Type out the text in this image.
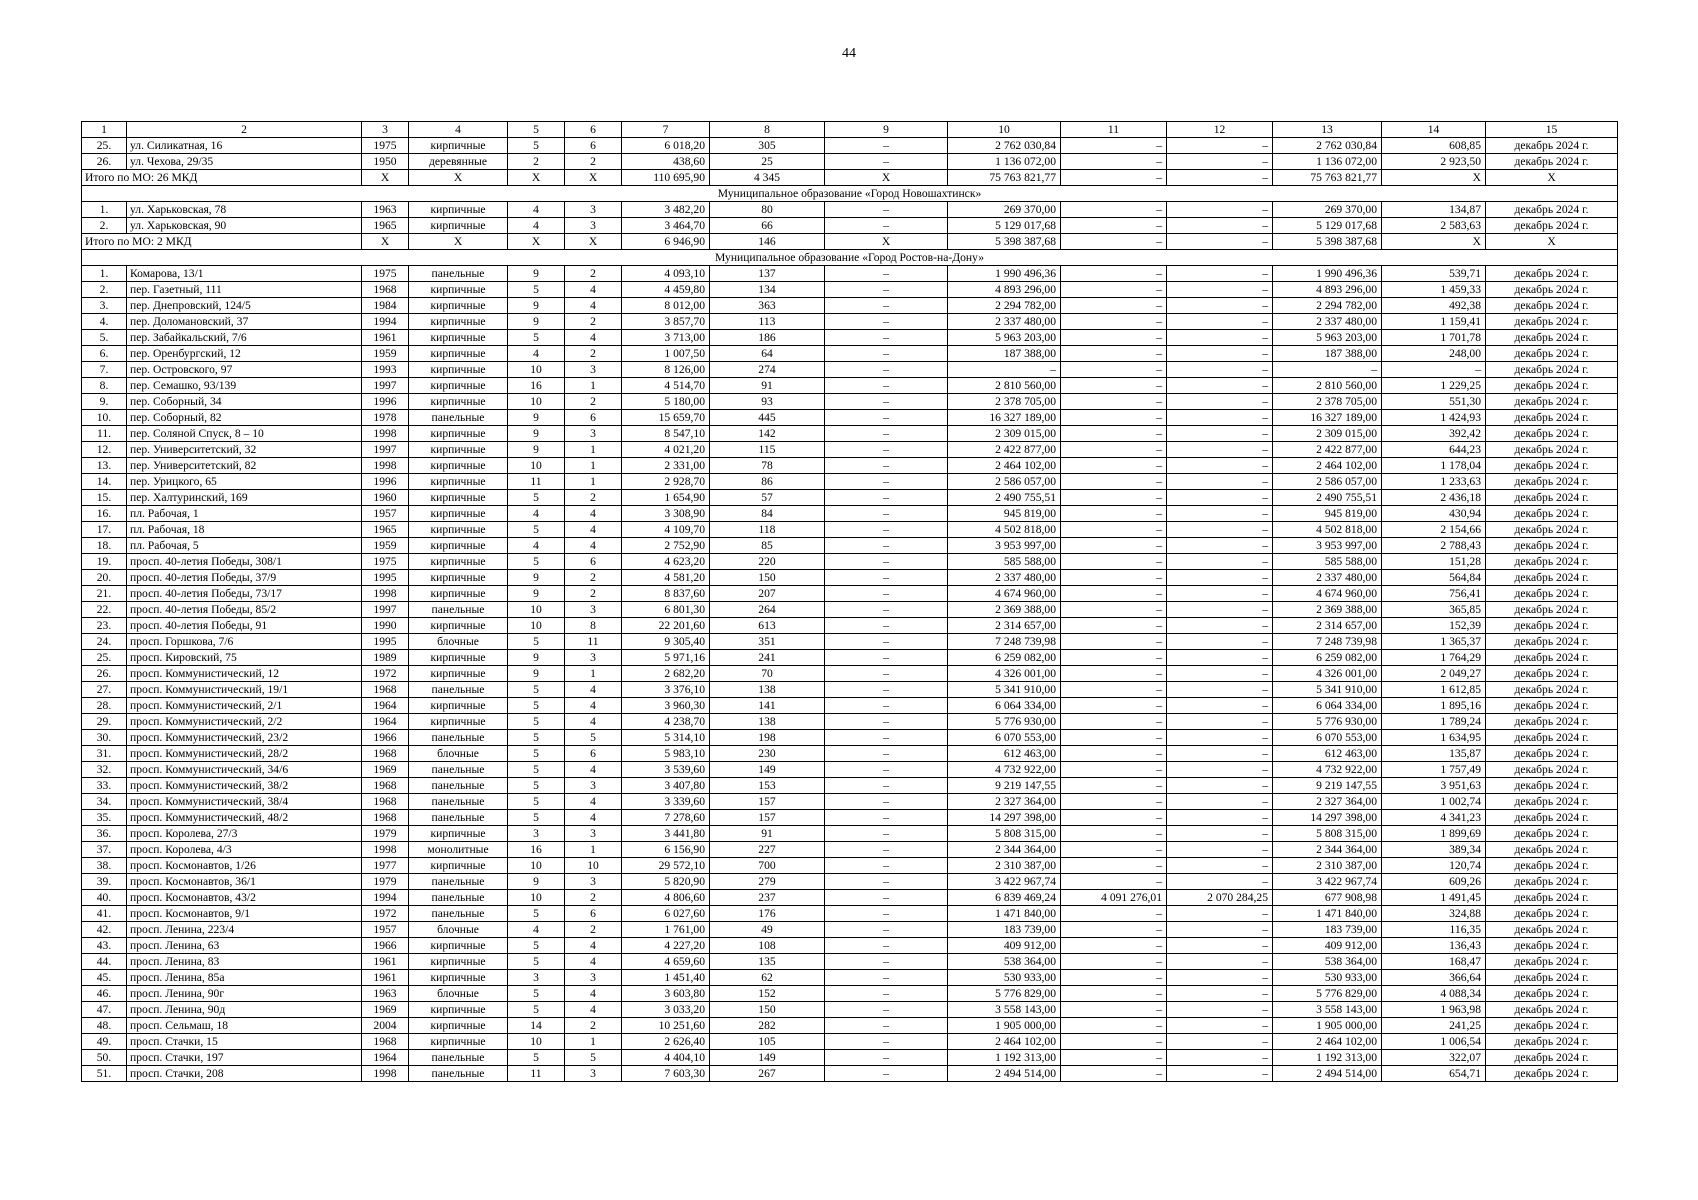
44
1	2	3	4	5	6	7	8	9	10	11	12	13	14	15
25.	ул. Силикатная, 16	1975	кирпичные	5	6	6 018,20	305	–	2 762 030,84	–	–	2 762 030,84	608,85	декабрь 2024 г.
26.	ул. Чехова, 29/35	1950	деревянные	2	2	438,60	25	–	1 136 072,00	–	–	1 136 072,00	2 923,50	декабрь 2024 г.
Итого по МО: 26 МКД		X	X	X	X	110 695,90	4 345	X	75 763 821,77	–	–	75 763 821,77	X	X
Муниципальное образование «Город Новошахтинск»														
1.	ул. Харьковская, 78	1963	кирпичные	4	3	3 482,20	80	–	269 370,00	–	–	269 370,00	134,87	декабрь 2024 г.
2.	ул. Харьковская, 90	1965	кирпичные	4	3	3 464,70	66	–	5 129 017,68	–	–	5 129 017,68	2 583,63	декабрь 2024 г.
Итого по МО: 2 МКД		X	X	X	X	6 946,90	146	X	5 398 387,68	–	–	5 398 387,68	X	X
Муниципальное образование «Город Ростов-на-Дону»														
1.	Комарова, 13/1	1975	панельные	9	2	4 093,10	137	–	1 990 496,36	–	–	1 990 496,36	539,71	декабрь 2024 г.
2.	пер. Газетный, 111	1968	кирпичные	5	4	4 459,80	134	–	4 893 296,00	–	–	4 893 296,00	1 459,33	декабрь 2024 г.
3.	пер. Днепровский, 124/5	1984	кирпичные	9	4	8 012,00	363	–	2 294 782,00	–	–	2 294 782,00	492,38	декабрь 2024 г.
4.	пер. Доломановский, 37	1994	кирпичные	9	2	3 857,70	113	–	2 337 480,00	–	–	2 337 480,00	1 159,41	декабрь 2024 г.
5.	пер. Забайкальский, 7/6	1961	кирпичные	5	4	3 713,00	186	–	5 963 203,00	–	–	5 963 203,00	1 701,78	декабрь 2024 г.
6.	пер. Оренбургский, 12	1959	кирпичные	4	2	1 007,50	64	–	187 388,00	–	–	187 388,00	248,00	декабрь 2024 г.
7.	пер. Островского, 97	1993	кирпичные	10	3	8 126,00	274	–	–	–	–	–	–	декабрь 2024 г.
8.	пер. Семашко, 93/139	1997	кирпичные	16	1	4 514,70	91	–	2 810 560,00	–	–	2 810 560,00	1 229,25	декабрь 2024 г.
9.	пер. Соборный, 34	1996	кирпичные	10	2	5 180,00	93	–	2 378 705,00	–	–	2 378 705,00	551,30	декабрь 2024 г.
10.	пер. Соборный, 82	1978	панельные	9	6	15 659,70	445	–	16 327 189,00	–	–	16 327 189,00	1 424,93	декабрь 2024 г.
11.	пер. Соляной Спуск, 8 – 10	1998	кирпичные	9	3	8 547,10	142	–	2 309 015,00	–	–	2 309 015,00	392,42	декабрь 2024 г.
12.	пер. Университетский, 32	1997	кирпичные	9	1	4 021,20	115	–	2 422 877,00	–	–	2 422 877,00	644,23	декабрь 2024 г.
13.	пер. Университетский, 82	1998	кирпичные	10	1	2 331,00	78	–	2 464 102,00	–	–	2 464 102,00	1 178,04	декабрь 2024 г.
14.	пер. Урицкого, 65	1996	кирпичные	11	1	2 928,70	86	–	2 586 057,00	–	–	2 586 057,00	1 233,63	декабрь 2024 г.
15.	пер. Халтуринский, 169	1960	кирпичные	5	2	1 654,90	57	–	2 490 755,51	–	–	2 490 755,51	2 436,18	декабрь 2024 г.
16.	пл. Рабочая, 1	1957	кирпичные	4	4	3 308,90	84	–	945 819,00	–	–	945 819,00	430,94	декабрь 2024 г.
17.	пл. Рабочая, 18	1965	кирпичные	5	4	4 109,70	118	–	4 502 818,00	–	–	4 502 818,00	2 154,66	декабрь 2024 г.
18.	пл. Рабочая, 5	1959	кирпичные	4	4	2 752,90	85	–	3 953 997,00	–	–	3 953 997,00	2 788,43	декабрь 2024 г.
19.	просп. 40-летия Победы, 308/1	1975	кирпичные	5	6	4 623,20	220	–	585 588,00	–	–	585 588,00	151,28	декабрь 2024 г.
20.	просп. 40-летия Победы, 37/9	1995	кирпичные	9	2	4 581,20	150	–	2 337 480,00	–	–	2 337 480,00	564,84	декабрь 2024 г.
21.	просп. 40-летия Победы, 73/17	1998	кирпичные	9	2	8 837,60	207	–	4 674 960,00	–	–	4 674 960,00	756,41	декабрь 2024 г.
22.	просп. 40-летия Победы, 85/2	1997	панельные	10	3	6 801,30	264	–	2 369 388,00	–	–	2 369 388,00	365,85	декабрь 2024 г.
23.	просп. 40-летия Победы, 91	1990	кирпичные	10	8	22 201,60	613	–	2 314 657,00	–	–	2 314 657,00	152,39	декабрь 2024 г.
24.	просп. Горшкова, 7/6	1995	блочные	5	11	9 305,40	351	–	7 248 739,98	–	–	7 248 739,98	1 365,37	декабрь 2024 г.
25.	просп. Кировский, 75	1989	кирпичные	9	3	5 971,16	241	–	6 259 082,00	–	–	6 259 082,00	1 764,29	декабрь 2024 г.
26.	просп. Коммунистический, 12	1972	кирпичные	9	1	2 682,20	70	–	4 326 001,00	–	–	4 326 001,00	2 049,27	декабрь 2024 г.
27.	просп. Коммунистический, 19/1	1968	панельные	5	4	3 376,10	138	–	5 341 910,00	–	–	5 341 910,00	1 612,85	декабрь 2024 г.
28.	просп. Коммунистический, 2/1	1964	кирпичные	5	4	3 960,30	141	–	6 064 334,00	–	–	6 064 334,00	1 895,16	декабрь 2024 г.
29.	просп. Коммунистический, 2/2	1964	кирпичные	5	4	4 238,70	138	–	5 776 930,00	–	–	5 776 930,00	1 789,24	декабрь 2024 г.
30.	просп. Коммунистический, 23/2	1966	панельные	5	5	5 314,10	198	–	6 070 553,00	–	–	6 070 553,00	1 634,95	декабрь 2024 г.
31.	просп. Коммунистический, 28/2	1968	блочные	5	6	5 983,10	230	–	612 463,00	–	–	612 463,00	135,87	декабрь 2024 г.
32.	просп. Коммунистический, 34/6	1969	панельные	5	4	3 539,60	149	–	4 732 922,00	–	–	4 732 922,00	1 757,49	декабрь 2024 г.
33.	просп. Коммунистический, 38/2	1968	панельные	5	3	3 407,80	153	–	9 219 147,55	–	–	9 219 147,55	3 951,63	декабрь 2024 г.
34.	просп. Коммунистический, 38/4	1968	панельные	5	4	3 339,60	157	–	2 327 364,00	–	–	2 327 364,00	1 002,74	декабрь 2024 г.
35.	просп. Коммунистический, 48/2	1968	панельные	5	4	7 278,60	157	–	14 297 398,00	–	–	14 297 398,00	4 341,23	декабрь 2024 г.
36.	просп. Королева, 27/3	1979	кирпичные	3	3	3 441,80	91	–	5 808 315,00	–	–	5 808 315,00	1 899,69	декабрь 2024 г.
37.	просп. Королева, 4/3	1998	монолитные	16	1	6 156,90	227	–	2 344 364,00	–	–	2 344 364,00	389,34	декабрь 2024 г.
38.	просп. Космонавтов, 1/26	1977	кирпичные	10	10	29 572,10	700	–	2 310 387,00	–	–	2 310 387,00	120,74	декабрь 2024 г.
39.	просп. Космонавтов, 36/1	1979	панельные	9	3	5 820,90	279	–	3 422 967,74	–	–	3 422 967,74	609,26	декабрь 2024 г.
40.	просп. Космонавтов, 43/2	1994	панельные	10	2	4 806,60	237	–	6 839 469,24	4 091 276,01	2 070 284,25	677 908,98	1 491,45	декабрь 2024 г.
41.	просп. Космонавтов, 9/1	1972	панельные	5	6	6 027,60	176	–	1 471 840,00	–	–	1 471 840,00	324,88	декабрь 2024 г.
42.	просп. Ленина, 223/4	1957	блочные	4	2	1 761,00	49	–	183 739,00	–	–	183 739,00	116,35	декабрь 2024 г.
43.	просп. Ленина, 63	1966	кирпичные	5	4	4 227,20	108	–	409 912,00	–	–	409 912,00	136,43	декабрь 2024 г.
44.	просп. Ленина, 83	1961	кирпичные	5	4	4 659,60	135	–	538 364,00	–	–	538 364,00	168,47	декабрь 2024 г.
45.	просп. Ленина, 85а	1961	кирпичные	3	3	1 451,40	62	–	530 933,00	–	–	530 933,00	366,64	декабрь 2024 г.
46.	просп. Ленина, 90г	1963	блочные	5	4	3 603,80	152	–	5 776 829,00	–	–	5 776 829,00	4 088,34	декабрь 2024 г.
47.	просп. Ленина, 90д	1969	кирпичные	5	4	3 033,20	150	–	3 558 143,00	–	–	3 558 143,00	1 963,98	декабрь 2024 г.
48.	просп. Сельмаш, 18	2004	кирпичные	14	2	10 251,60	282	–	1 905 000,00	–	–	1 905 000,00	241,25	декабрь 2024 г.
49.	просп. Стачки, 15	1968	кирпичные	10	1	2 626,40	105	–	2 464 102,00	–	–	2 464 102,00	1 006,54	декабрь 2024 г.
50.	просп. Стачки, 197	1964	панельные	5	5	4 404,10	149	–	1 192 313,00	–	–	1 192 313,00	322,07	декабрь 2024 г.
51.	просп. Стачки, 208	1998	панельные	11	3	7 603,30	267	–	2 494 514,00	–	–	2 494 514,00	654,71	декабрь 2024 г.
